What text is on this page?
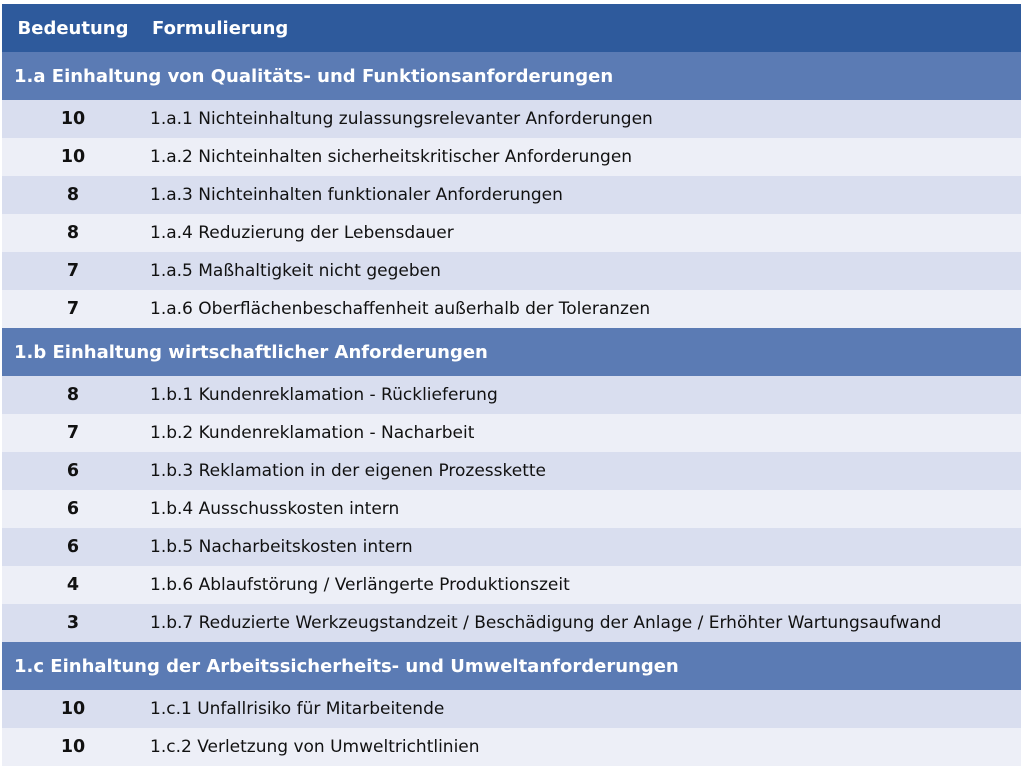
Bedeutung	Formulierung
1.a Einhaltung von Qualitäts- und Funktionsanforderungen
10	1.a.1 Nichteinhaltung zulassungsrelevanter Anforderungen
10	1.a.2 Nichteinhalten sicherheitskritischer Anforderungen
8	1.a.3 Nichteinhalten funktionaler Anforderungen
8	1.a.4 Reduzierung der Lebensdauer
7	1.a.5 Maßhaltigkeit nicht gegeben
7	1.a.6 Oberflächenbeschaffenheit außerhalb der Toleranzen
1.b Einhaltung wirtschaftlicher Anforderungen
8	1.b.1 Kundenreklamation - Rücklieferung
7	1.b.2 Kundenreklamation - Nacharbeit
6	1.b.3 Reklamation in der eigenen Prozesskette
6	1.b.4 Ausschusskosten intern
6	1.b.5 Nacharbeitskosten intern
4	1.b.6 Ablaufstörung / Verlängerte Produktionszeit
3	1.b.7 Reduzierte Werkzeugstandzeit / Beschädigung der Anlage / Erhöhter Wartungsaufwand
1.c Einhaltung der Arbeitssicherheits- und Umweltanforderungen
10	1.c.1 Unfallrisiko für Mitarbeitende
10	1.c.2 Verletzung von Umweltrichtlinien
